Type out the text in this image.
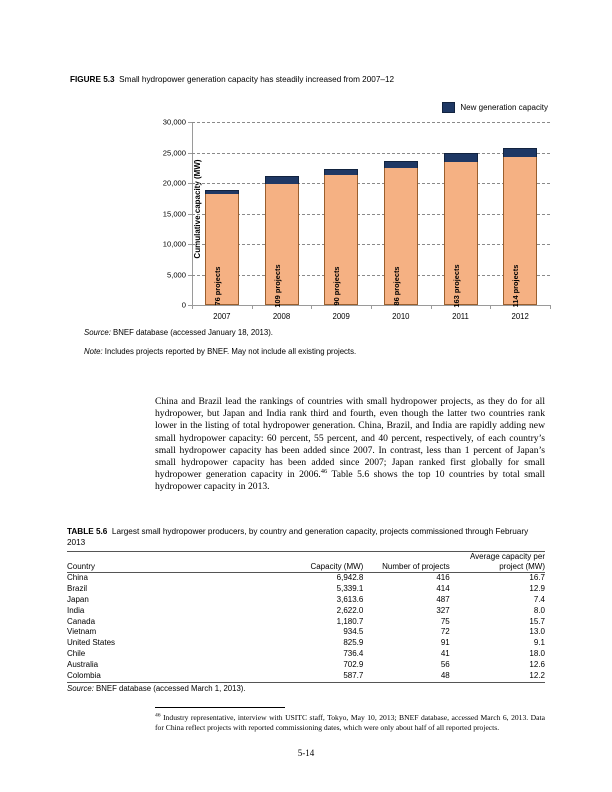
FIGURE 5.3 Small hydropower generation capacity has steadily increased from 2007–12
Cumulative capacity (MW)
New generation capacity
0
5,000
10,000
15,000
20,000
25,000
30,000
76 projects	109 projects	90 projects	86 projects	163 projects	114 projects
2007	2008	2009	2010	2011	2012
Source: BNEF database (accessed January 18, 2013).
Note: Includes projects reported by BNEF. May not include all existing projects.
China and Brazil lead the rankings of countries with small hydropower projects, as they do for all hydropower, but Japan and India rank third and fourth, even though the latter two countries rank lower in the listing of total hydropower generation. China, Brazil, and India are rapidly adding new small hydropower capacity: 60 percent, 55 percent, and 40 percent, respectively, of each country’s small hydropower capacity has been added since 2007. In contrast, less than 1 percent of Japan’s small hydropower capacity has been added since 2007; Japan ranked first globally for small hydropower generation capacity in 2006.46 Table 5.6 shows the top 10 countries by total small hydropower capacity in 2013.
TABLE 5.6 Largest small hydropower producers, by country and generation capacity, projects commissioned through February 2013
Country	Capacity (MW)	Number of projects	Average capacity per
project (MW)
China	6,942.8	416	16.7
Brazil	5,339.1	414	12.9
Japan	3,613.6	487	7.4
India	2,622.0	327	8.0
Canada	1,180.7	75	15.7
Vietnam	934.5	72	13.0
United States	825.9	91	9.1
Chile	736.4	41	18.0
Australia	702.9	56	12.6
Colombia	587.7	48	12.2
Source: BNEF database (accessed March 1, 2013).
$^{46}$ Industry representative, interview with USITC staff, Tokyo, May 10, 2013; BNEF database, accessed March 6, 2013. Data for China reflect projects with reported commissioning dates, which were only about half of all reported projects.
5-14
